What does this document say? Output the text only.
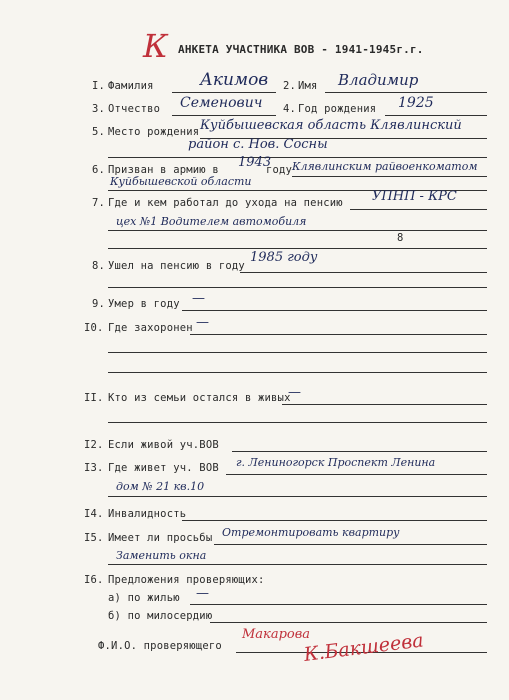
К АНКЕТА УЧАСТНИКА ВОВ - 1941-1945г.г.
I. Фамилия	Акимов 2. Имя Владимир
3. Отчество Семенович 4. Год рождения 1925
5. Место рождения Куйбышевская область Клявлинский
район с. Нов. Сосны
6. Призван в армию в 1943
году Клявлинским райвоенкоматом
Куйбышевской области
7. Где и кем работал до ухода на пенсию УПНП - КРС
цех №1 Водителем автомобиля
8
8. Ушел на пенсию в году
1985 году
9. Умер в году —
I0. Где захоронен —
II. Кто из семьи остался в живых
—
I2. Если живой уч.ВОВ
I3. Где живет уч. ВОВ г. Лениногорск Проспект Ленина
дом № 21 кв.10
I4. Инвалидность
I5. Имеет ли просьбы Отремонтировать квартиру
Заменить окна
I6. Предложения проверяющих:
а) по жилью —
б) по милосердию
Ф.И.О. проверяющего
Макарова
К.Бакшеева
